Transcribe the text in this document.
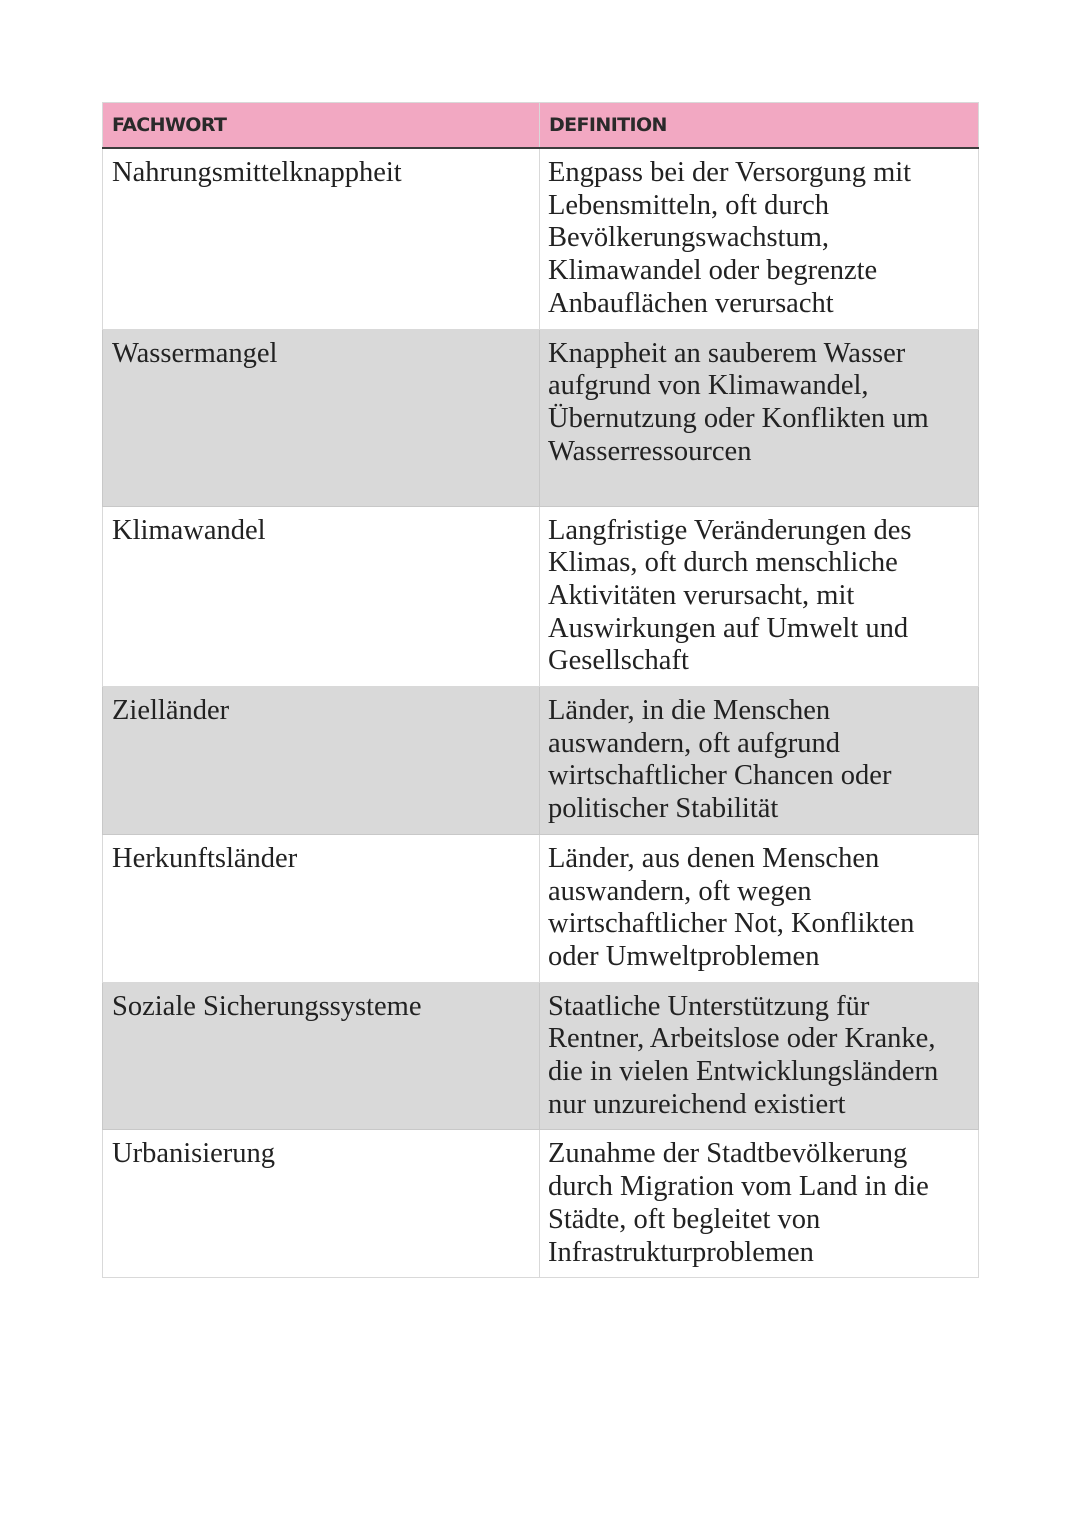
FACHWORT	DEFINITION
Nahrungsmittelknappheit	Engpass bei der Versorgung mit Lebensmitteln, oft durch Bevölkerungswachstum, Klimawandel oder begrenzte Anbauflächen verursacht
Wassermangel	Knappheit an sauberem Wasser aufgrund von Klimawandel, Übernutzung oder Konflikten um Wasserressourcen
Klimawandel	Langfristige Veränderungen des Klimas, oft durch menschliche Aktivitäten verursacht, mit Auswirkungen auf Umwelt und Gesellschaft
Zielländer	Länder, in die Menschen auswandern, oft aufgrund wirtschaftlicher Chancen oder politischer Stabilität
Herkunftsländer	Länder, aus denen Menschen auswandern, oft wegen wirtschaftlicher Not, Konflikten oder Umweltproblemen
Soziale Sicherungssysteme	Staatliche Unterstützung für Rentner, Arbeitslose oder Kranke, die in vielen Entwicklungsländern nur unzureichend existiert
Urbanisierung	Zunahme der Stadtbevölkerung durch Migration vom Land in die Städte, oft begleitet von Infrastrukturproblemen
